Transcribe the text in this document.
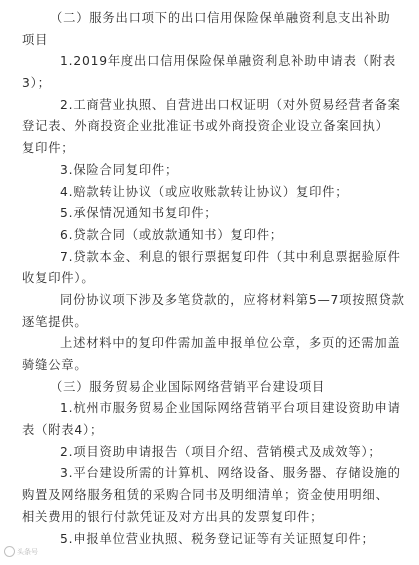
（二）服务出口项下的出口信用保险保单融资利息支出补助
项目
1.2019年度出口信用保险保单融资利息补助申请表（附表
3）；
2.工商营业执照、自营进出口权证明（对外贸易经营者备案
登记表、外商投资企业批准证书或外商投资企业设立备案回执）
复印件；
3.保险合同复印件；
4.赔款转让协议（或应收账款转让协议）复印件；
5.承保情况通知书复印件；
6.贷款合同（或放款通知书）复印件；
7.贷款本金、利息的银行票据复印件（其中利息票据验原件
收复印件）。
同份协议项下涉及多笔贷款的，应将材料第5—7项按照贷款
逐笔提供。
上述材料中的复印件需加盖申报单位公章，多页的还需加盖
骑缝公章。
（三）服务贸易企业国际网络营销平台建设项目
1.杭州市服务贸易企业国际网络营销平台项目建设资助申请
表（附表4）；
2.项目资助申请报告（项目介绍、营销模式及成效等）；
3.平台建设所需的计算机、网络设备、服务器、存储设施的
购置及网络服务租赁的采购合同书及明细清单；资金使用明细、
相关费用的银行付款凭证及对方出具的发票复印件；
5.申报单位营业执照、税务登记证等有关证照复印件；
头条号
